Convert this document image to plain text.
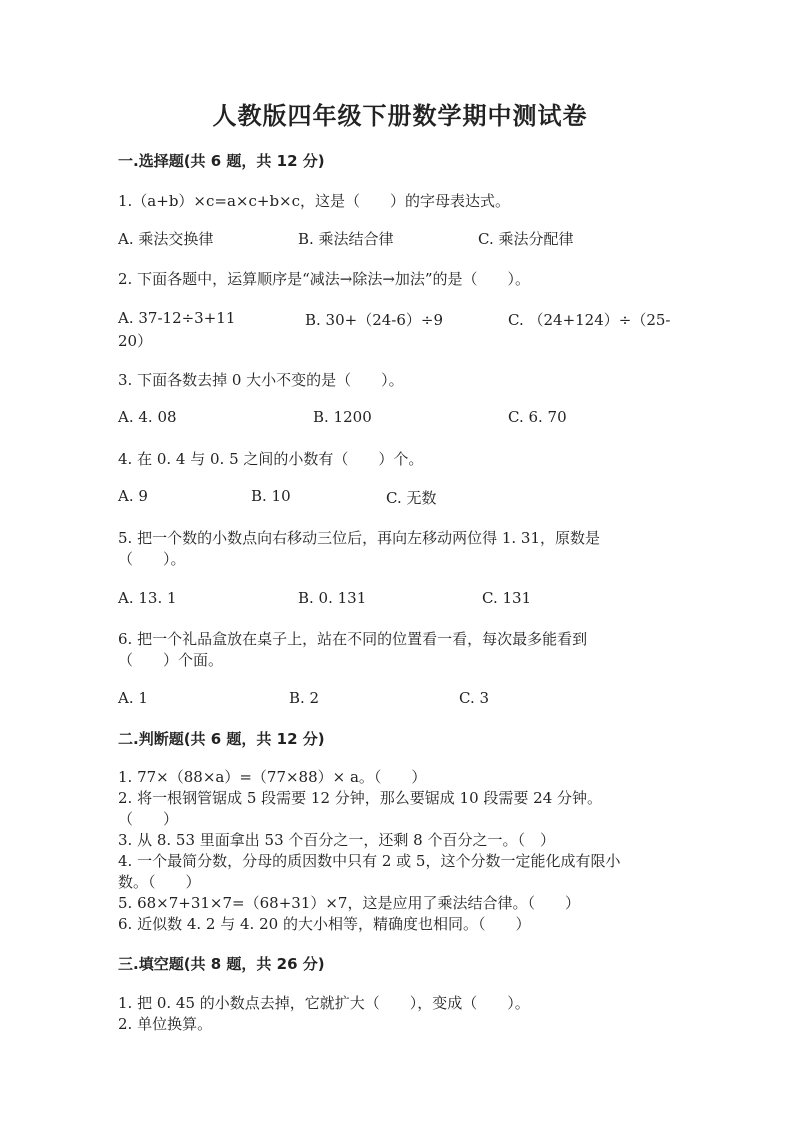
人教版四年级下册数学期中测试卷
一.选择题(共 6 题，共 12 分)
1.（a+b）×c=a×c+b×c，这是（　　）的字母表达式。
A. 乘法交换律	B. 乘法结合律	C. 乘法分配律
2. 下面各题中，运算顺序是“减法→除法→加法”的是（　　）。
A. 37-12÷3+11	B. 30+（24-6）÷9	C. （24+124）÷（25-
20）
3. 下面各数去掉 0 大小不变的是（　　）。
A. 4. 08	B. 1200	C. 6. 70
4. 在 0. 4 与 0. 5 之间的小数有（　　）个。
A. 9	B. 10	C. 无数
5. 把一个数的小数点向右移动三位后，再向左移动两位得 1. 31，原数是
（　　）。
A. 13. 1	B. 0. 131	C. 131
6. 把一个礼品盒放在桌子上，站在不同的位置看一看，每次最多能看到
（　　）个面。
A. 1	B. 2	C. 3
二.判断题(共 6 题，共 12 分)
1. 77×（88×a）=（77×88）× a。（　　）
2. 将一根钢管锯成 5 段需要 12 分钟，那么要锯成 10 段需要 24 分钟。
（　　）
3. 从 8. 53 里面拿出 53 个百分之一，还剩 8 个百分之一。（　）
4. 一个最简分数，分母的质因数中只有 2 或 5，这个分数一定能化成有限小
数。（　　）
5. 68×7+31×7=（68+31）×7，这是应用了乘法结合律。（　　）
6. 近似数 4. 2 与 4. 20 的大小相等，精确度也相同。（　　）
三.填空题(共 8 题，共 26 分)
1. 把 0. 45 的小数点去掉，它就扩大（　　），变成（　　）。
2. 单位换算。
